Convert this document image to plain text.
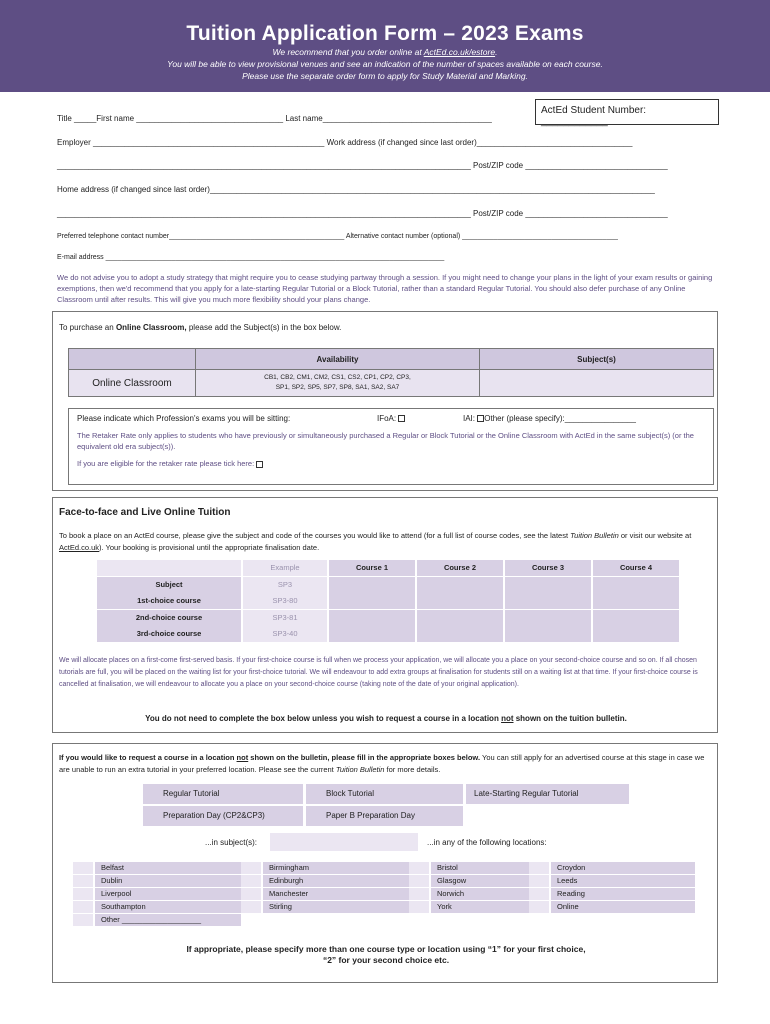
Tuition Application Form – 2023 Exams
We recommend that you order online at ActEd.co.uk/estore.
You will be able to view provisional venues and see an indication of the number of spaces available on each course.
Please use the separate order form to apply for Study Material and Marking.
Title _____First name _________________________________ Last name______________________________________
ActEd Student Number: ____________
Employer ____________________________________________________ Work address (if changed since last order)___________________________________
_____________________________________________________________________________________________ Post/ZIP code ________________________________
Home address (if changed since last order)____________________________________________________________________________________________________
_____________________________________________________________________________________________ Post/ZIP code ________________________________
Preferred telephone contact number_____________________________________________ Alternative contact number (optional) ________________________________________
E-mail address _______________________________________________________________________________________
We do not advise you to adopt a study strategy that might require you to cease studying partway through a session. If you might need to change your plans in the light of your exam results or gaining exemptions, then we'd recommend that you apply for a late-starting Regular Tutorial or a Block Tutorial, rather than a standard Regular Tutorial. You should also defer purchase of any Online Classroom until after results. This will give you much more flexibility should your plans change.
To purchase an Online Classroom, please add the Subject(s) in the box below.
	Availability	Subject(s)
Online Classroom	CB1, CB2, CM1, CM2, CS1, CS2, CP1, CP2, CP3,
SP1, SP2, SP5, SP7, SP8, SA1, SA2, SA7	

Please indicate which Profession's exams you will be sitting:	IFoA:	IAI: Other (please specify):________________
The Retaker Rate only applies to students who have previously or simultaneously purchased a Regular or Block Tutorial or the Online Classroom with ActEd in the same subject(s) (or the equivalent old era subject(s)).
If you are eligible for the retaker rate please tick here:
Face-to-face and Live Online Tuition
To book a place on an ActEd course, please give the subject and code of the courses you would like to attend (for a full list of course codes, see the latest Tuition Bulletin or visit our website at ActEd.co.uk). Your booking is provisional until the appropriate finalisation date.
Example	Course 1	Course 2	Course 3	Course 4
Subject	SP3
1st-choice course	SP3-80
2nd-choice course	SP3-81
3rd-choice course	SP3-40
We will allocate places on a first-come first-served basis. If your first-choice course is full when we process your application, we will allocate you a place on your second-choice course and so on. If all chosen tutorials are full, you will be placed on the waiting list for your first-choice tutorial. We will endeavour to add extra groups at finalisation for students still on a waiting list at that time. If your first-choice course is cancelled at finalisation, we will endeavour to allocate you a place on your second-choice course (taking note of the date of your original application).
You do not need to complete the box below unless you wish to request a course in a location not shown on the tuition bulletin.
If you would like to request a course in a location not shown on the bulletin, please fill in the appropriate boxes below. You can still apply for an advertised course at this stage in case we are unable to run an extra tutorial in your preferred location. Please see the current Tuition Bulletin for more details.
Regular Tutorial	Block Tutorial	Late-Starting Regular Tutorial
Preparation Day (CP2&CP3)	Paper B Preparation Day
...in subject(s):	...in any of the following locations:
Belfast
Dublin
Liverpool
Southampton
Other ___________________
Birmingham
Edinburgh
Manchester
Stirling
Bristol
Glasgow
Norwich
York
Croydon
Leeds
Reading
Online
If appropriate, please specify more than one course type or location using “1” for your first choice,
“2” for your second choice etc.
